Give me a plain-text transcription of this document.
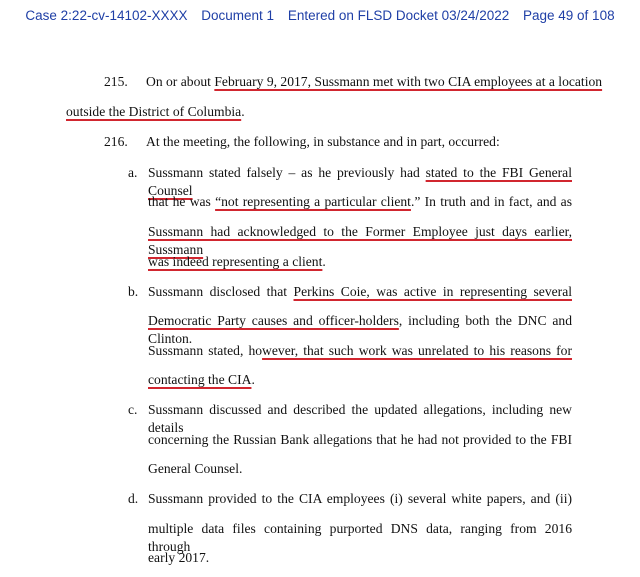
Case 2:22-cv-14102-XXXX Document 1 Entered on FLSD Docket 03/24/2022 Page 49 of 108
215. On or about February 9, 2017, Sussmann met with two CIA employees at a location
outside the District of Columbia.
216. At the meeting, the following, in substance and in part, occurred:
a. Sussmann stated falsely – as he previously had stated to the FBI General Counsel
that he was “not representing a particular client.” In truth and in fact, and as
Sussmann had acknowledged to the Former Employee just days earlier, Sussmann
was indeed representing a client.
b. Sussmann disclosed that Perkins Coie, was active in representing several
Democratic Party causes and officer-holders, including both the DNC and Clinton.
Sussmann stated, however, that such work was unrelated to his reasons for
contacting the CIA.
c. Sussmann discussed and described the updated allegations, including new details
concerning the Russian Bank allegations that he had not provided to the FBI
General Counsel.
d. Sussmann provided to the CIA employees (i) several white papers, and (ii)
multiple data files containing purported DNS data, ranging from 2016 through
early 2017.
